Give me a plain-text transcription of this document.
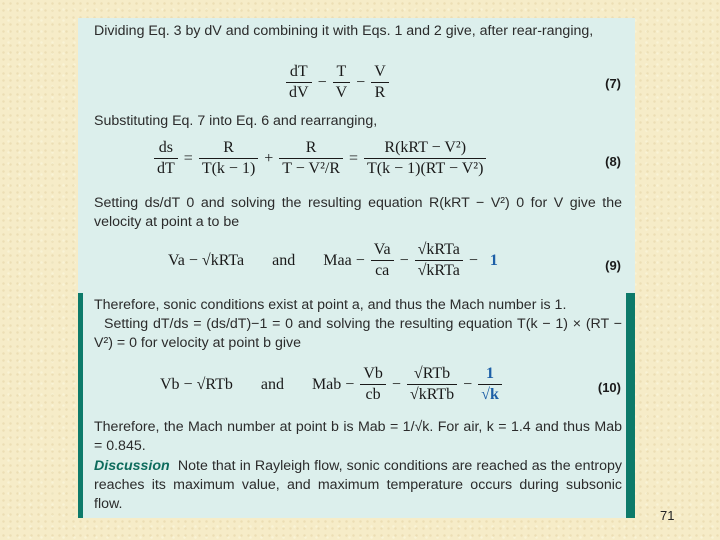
Dividing Eq. 3 by dV and combining it with Eqs. 1 and 2 give, after rear-ranging,
$\frac{dT}{dV} - \frac{T}{V} - \frac{V}{R}$	(7)
Substituting Eq. 7 into Eq. 6 and rearranging,
$\frac{ds}{dT} = \frac{R}{T(k - 1)} + \frac{R}{\text{T − V²/R}} = \frac{\text{R(kRT − V²)}}{\text{T(k − 1)(RT − V²)}}$	(8)
Setting ds/dT 0 and solving the resulting equation R(kRT − V²) 0 for V give the velocity at point a to be
Va − √kRTa and Maa − $\frac{Va}{ca} - \frac{\text{√kRTa}}{\text{√kRTa}} - 1$	(9)
Therefore, sonic conditions exist at point a, and thus the Mach number is 1.
Setting dT/ds = (ds/dT)−1 = 0 and solving the resulting equation T(k − 1) × (RT − V²) = 0 for velocity at point b give
Vb − √RTb and Mab − $\frac{Vb}{cb} - \frac{\text{√RTb}}{\text{√kRTb}} - \frac{1}{√k}$	(10)
Therefore, the Mach number at point b is Mab = 1/√k. For air, k = 1.4 and thus Mab = 0.845.
Discussion Note that in Rayleigh flow, sonic conditions are reached as the entropy reaches its maximum value, and maximum temperature occurs during subsonic flow.
71
